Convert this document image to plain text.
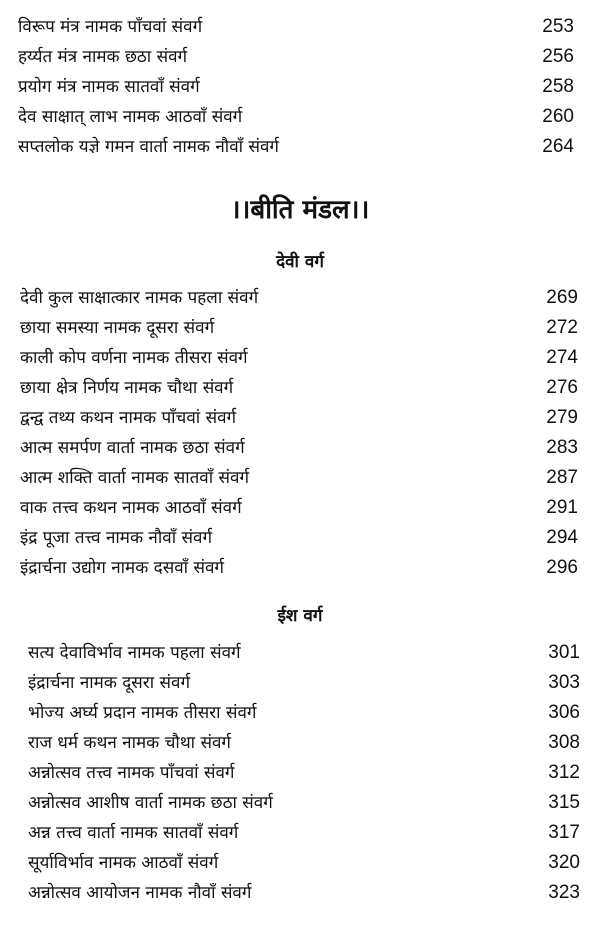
विरूप मंत्र नामक पाँचवां संवर्ग	253
हर्य्यत मंत्र नामक छठा संवर्ग	256
प्रयोग मंत्र नामक सातवाँ संवर्ग	258
देव साक्षात् लाभ नामक आठवाँ संवर्ग	260
सप्तलोक यज्ञे गमन वार्ता नामक नौवाँ संवर्ग	264
।।बीति मंडल।।
देवी वर्ग
देवी कुल साक्षात्कार नामक पहला संवर्ग	269
छाया समस्या नामक दूसरा संवर्ग	272
काली कोप वर्णना नामक तीसरा संवर्ग	274
छाया क्षेत्र निर्णय नामक चौथा संवर्ग	276
द्वन्द्व तथ्य कथन नामक पाँचवां संवर्ग	279
आत्म समर्पण वार्ता नामक छठा संवर्ग	283
आत्म शक्ति वार्ता नामक सातवाँ संवर्ग	287
वाक तत्त्व कथन नामक आठवाँ संवर्ग	291
इंद्र पूजा तत्त्व नामक नौवाँ संवर्ग	294
इंद्रार्चना उद्योग नामक दसवाँ संवर्ग	296
ईश वर्ग
सत्य देवाविर्भाव नामक पहला संवर्ग	301
इंद्रार्चना नामक दूसरा संवर्ग	303
भोज्य अर्घ्य प्रदान नामक तीसरा संवर्ग	306
राज धर्म कथन नामक चौथा संवर्ग	308
अन्नोत्सव तत्त्व नामक पाँचवां संवर्ग	312
अन्नोत्सव आशीष वार्ता नामक छठा संवर्ग	315
अन्न तत्त्व वार्ता नामक सातवाँ संवर्ग	317
सूर्याविर्भाव नामक आठवाँ संवर्ग	320
अन्नोत्सव आयोजन नामक नौवाँ संवर्ग	323
